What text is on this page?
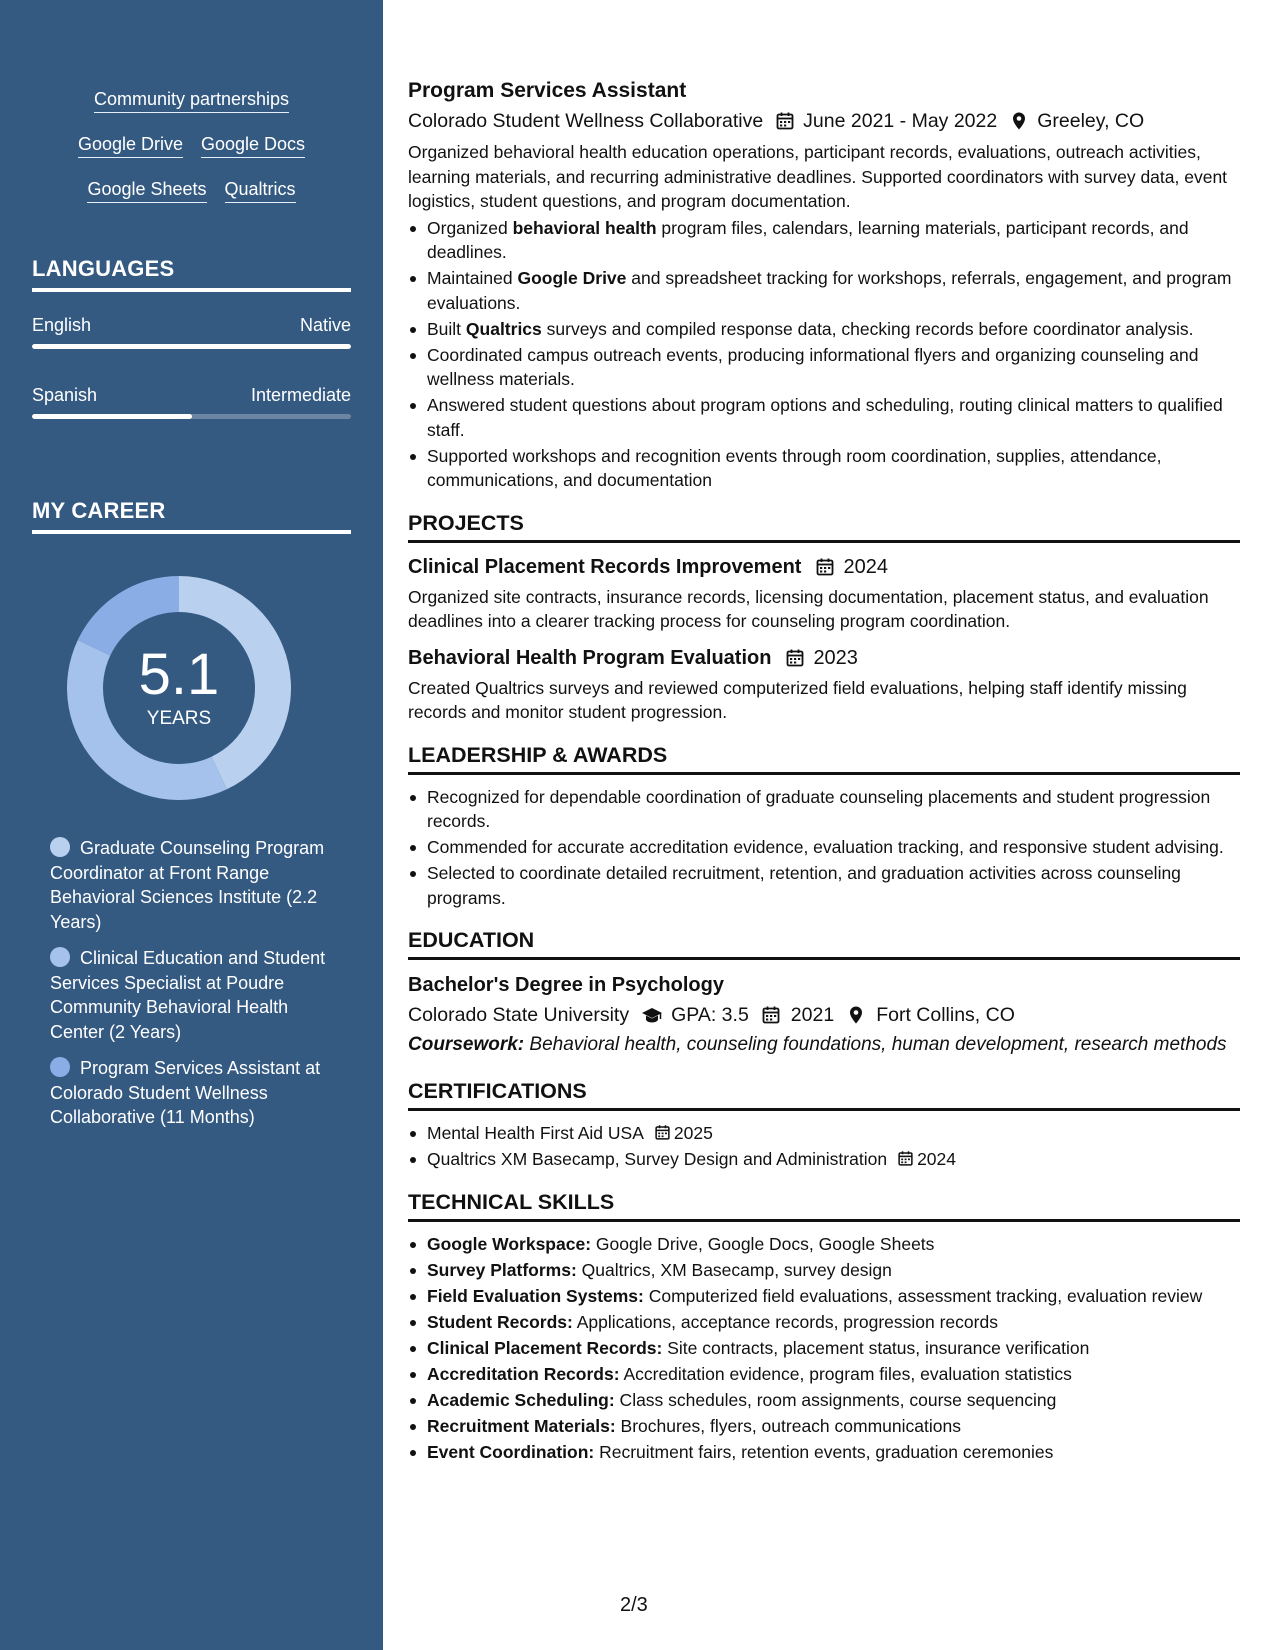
Community partnerships
Google Drive Google Docs
Google Sheets Qualtrics
LANGUAGES
English	Native
Spanish	Intermediate
MY CAREER
5.1
YEARS
Graduate Counseling Program Coordinator at Front Range Behavioral Sciences Institute (2.2 Years)
Clinical Education and Student Services Specialist at Poudre Community Behavioral Health Center (2 Years)
Program Services Assistant at Colorado Student Wellness Collaborative (11 Months)
Program Services Assistant
Colorado Student Wellness Collaborative June 2021 - May 2022 Greeley, CO
Organized behavioral health education operations, participant records, evaluations, outreach activities, learning materials, and recurring administrative deadlines. Supported coordinators with survey data, event logistics, student questions, and program documentation.
Organized behavioral health program files, calendars, learning materials, participant records, and deadlines.
Maintained Google Drive and spreadsheet tracking for workshops, referrals, engagement, and program evaluations.
Built Qualtrics surveys and compiled response data, checking records before coordinator analysis.
Coordinated campus outreach events, producing informational flyers and organizing counseling and wellness materials.
Answered student questions about program options and scheduling, routing clinical matters to qualified staff.
Supported workshops and recognition events through room coordination, supplies, attendance, communications, and documentation
PROJECTS
Clinical Placement Records Improvement 2024
Organized site contracts, insurance records, licensing documentation, placement status, and evaluation deadlines into a clearer tracking process for counseling program coordination.
Behavioral Health Program Evaluation 2023
Created Qualtrics surveys and reviewed computerized field evaluations, helping staff identify missing records and monitor student progression.
LEADERSHIP & AWARDS
Recognized for dependable coordination of graduate counseling placements and student progression records.
Commended for accurate accreditation evidence, evaluation tracking, and responsive student advising.
Selected to coordinate detailed recruitment, retention, and graduation activities across counseling programs.
EDUCATION
Bachelor's Degree in Psychology
Colorado State University GPA: 3.5 2021 Fort Collins, CO
Coursework: Behavioral health, counseling foundations, human development, research methods
CERTIFICATIONS
Mental Health First Aid USA 2025
Qualtrics XM Basecamp, Survey Design and Administration 2024
TECHNICAL SKILLS
Google Workspace: Google Drive, Google Docs, Google Sheets
Survey Platforms: Qualtrics, XM Basecamp, survey design
Field Evaluation Systems: Computerized field evaluations, assessment tracking, evaluation review
Student Records: Applications, acceptance records, progression records
Clinical Placement Records: Site contracts, placement status, insurance verification
Accreditation Records: Accreditation evidence, program files, evaluation statistics
Academic Scheduling: Class schedules, room assignments, course sequencing
Recruitment Materials: Brochures, flyers, outreach communications
Event Coordination: Recruitment fairs, retention events, graduation ceremonies
2/3
